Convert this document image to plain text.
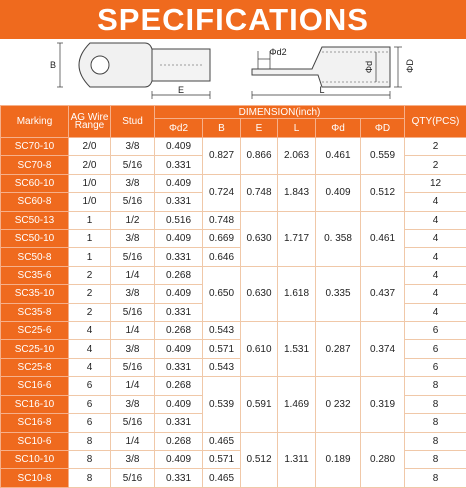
SPECIFICATIONS
B
E
Φd2
Φd	ΦD
L
Marking	AG Wire Range	Stud	DIMENSION(inch)						QTY(PCS)
			Φd2	B	E	L	Φd	ΦD	
SC70-10	2/0	3/8	0.409	0.827	0.866	2.063	0.461	0.559	2
SC70-8	2/0	5/16	0.331						2
SC60-10	1/0	3/8	0.409	0.724	0.748	1.843	0.409	0.512	12
SC60-8	1/0	5/16	0.331						4
SC50-13	1	1/2	0.516	0.748	0.630	1.717	0. 358	0.461	4
SC50-10	1	3/8	0.409	0.669					4
SC50-8	1	5/16	0.331	0.646					4
SC35-6	2	1/4	0.268	0.650	0.630	1.618	0.335	0.437	4
SC35-10	2	3/8	0.409						4
SC35-8	2	5/16	0.331						4
SC25-6	4	1/4	0.268	0.543	0.610	1.531	0.287	0.374	6
SC25-10	4	3/8	0.409	0.571					6
SC25-8	4	5/16	0.331	0.543					6
SC16-6	6	1/4	0.268	0.539	0.591	1.469	0 232	0.319	8
SC16-10	6	3/8	0.409						8
SC16-8	6	5/16	0.331						8
SC10-6	8	1/4	0.268	0.465	0.512	1.311	0.189	0.280	8
SC10-10	8	3/8	0.409	0.571					8
SC10-8	8	5/16	0.331	0.465					8
